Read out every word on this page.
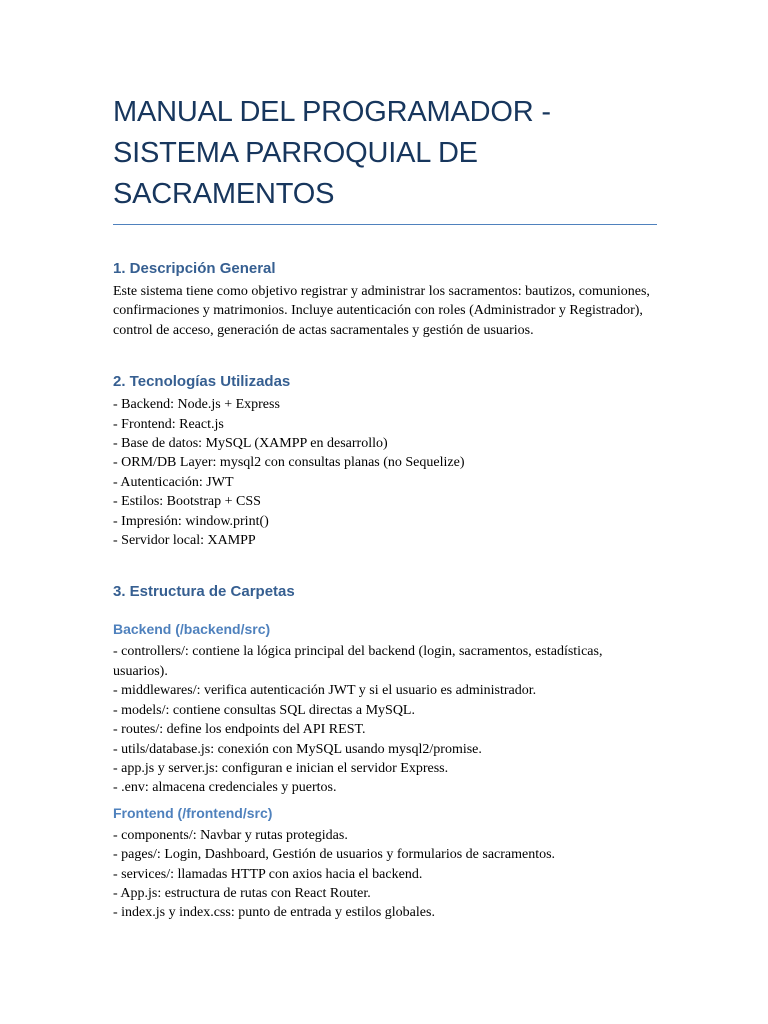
MANUAL DEL PROGRAMADOR - SISTEMA PARROQUIAL DE SACRAMENTOS
1. Descripción General

Este sistema tiene como objetivo registrar y administrar los sacramentos: bautizos, comuniones, confirmaciones y matrimonios. Incluye autenticación con roles (Administrador y Registrador), control de acceso, generación de actas sacramentales y gestión de usuarios.

2. Tecnologías Utilizadas
- Backend: Node.js + Express
- Frontend: React.js
- Base de datos: MySQL (XAMPP en desarrollo)
- ORM/DB Layer: mysql2 con consultas planas (no Sequelize)
- Autenticación: JWT
- Estilos: Bootstrap + CSS
- Impresión: window.print()
- Servidor local: XAMPP
3. Estructura de Carpetas
Backend (/backend/src)
- controllers/: contiene la lógica principal del backend (login, sacramentos, estadísticas, usuarios).
- middlewares/: verifica autenticación JWT y si el usuario es administrador.
- models/: contiene consultas SQL directas a MySQL.
- routes/: define los endpoints del API REST.
- utils/database.js: conexión con MySQL usando mysql2/promise.
- app.js y server.js: configuran e inician el servidor Express.
- .env: almacena credenciales y puertos.
Frontend (/frontend/src)
- components/: Navbar y rutas protegidas.
- pages/: Login, Dashboard, Gestión de usuarios y formularios de sacramentos.
- services/: llamadas HTTP con axios hacia el backend.
- App.js: estructura de rutas con React Router.
- index.js y index.css: punto de entrada y estilos globales.
